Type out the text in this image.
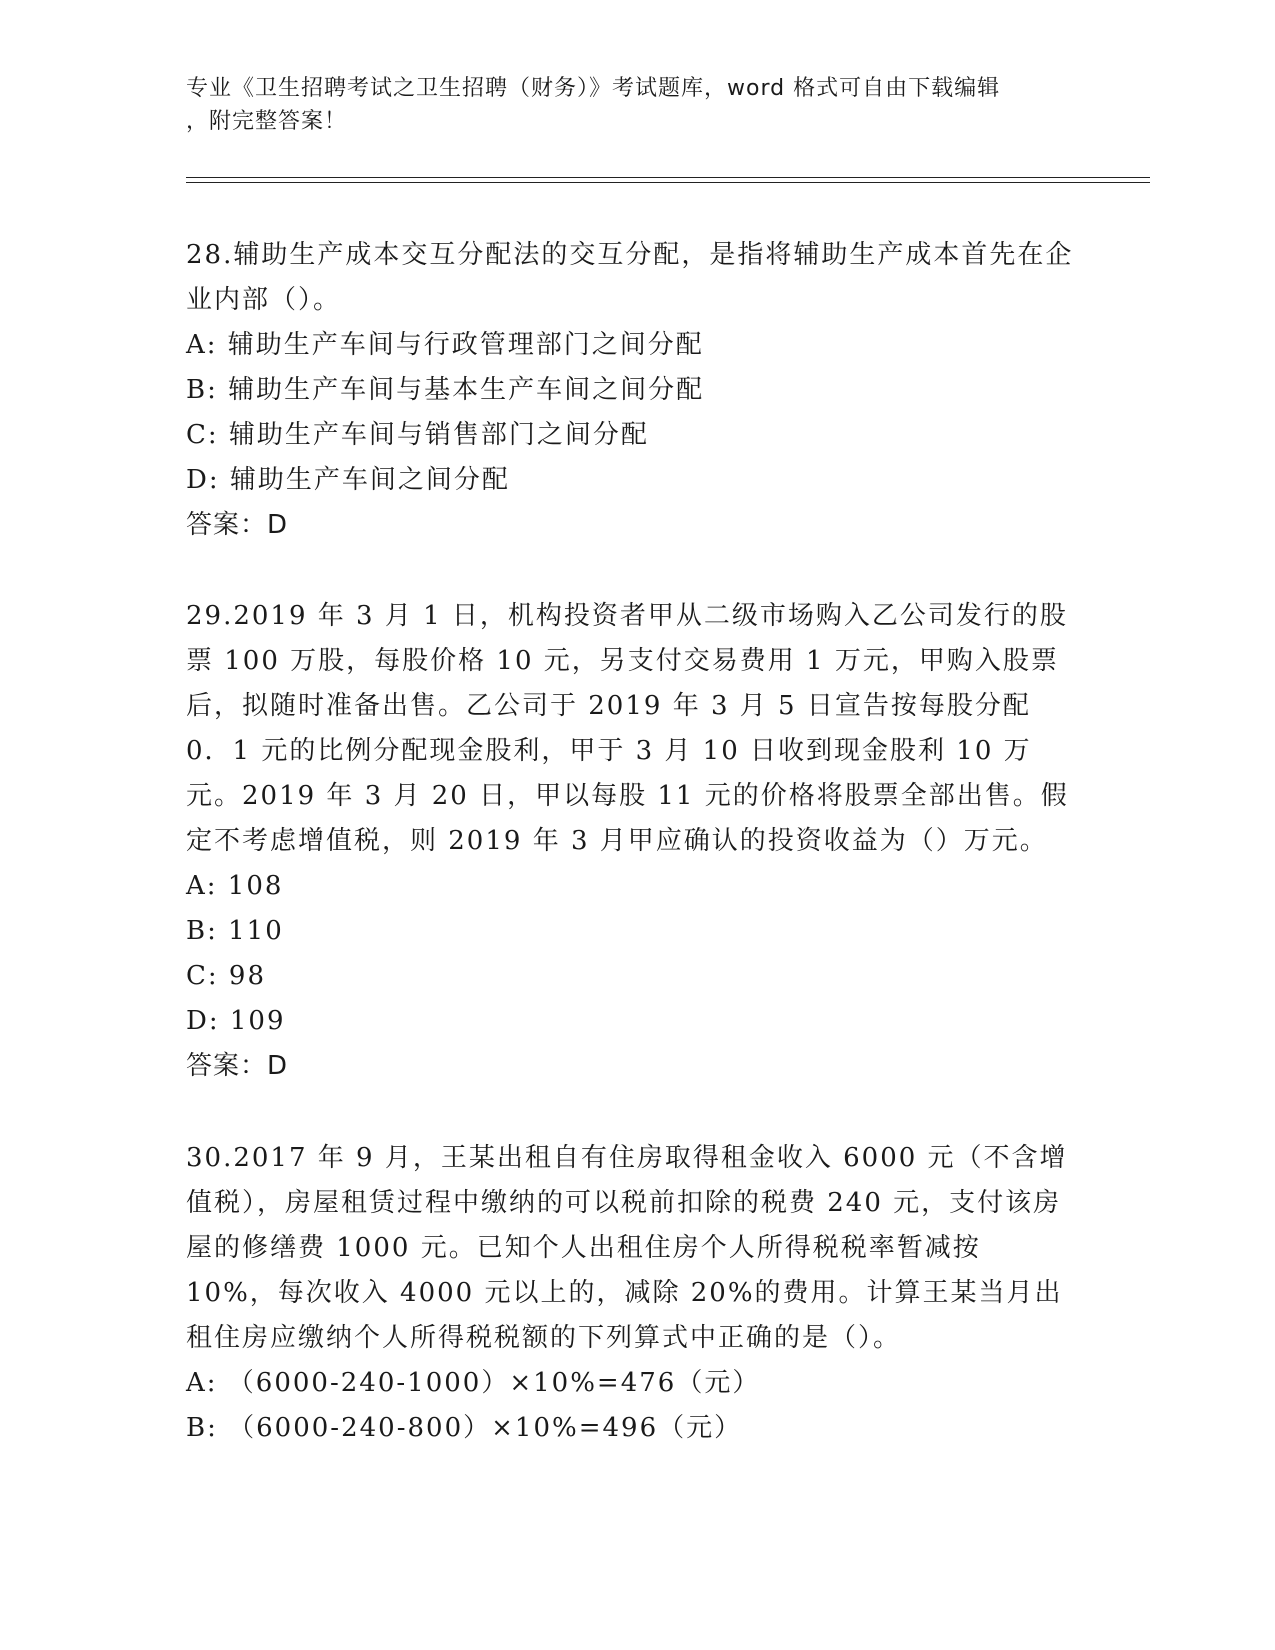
专业《卫生招聘考试之卫生招聘（财务）》考试题库，word 格式可自由下载编辑
，附完整答案！
28.辅助生产成本交互分配法的交互分配，是指将辅助生产成本首先在企业内部（）。
A: 辅助生产车间与行政管理部门之间分配
B: 辅助生产车间与基本生产车间之间分配
C: 辅助生产车间与销售部门之间分配
D: 辅助生产车间之间分配
答案：D
29.2019 年 3 月 1 日，机构投资者甲从二级市场购入乙公司发行的股票 100 万股，每股价格 10 元，另支付交易费用 1 万元，甲购入股票后，拟随时准备出售。乙公司于 2019 年 3 月 5 日宣告按每股分配 0．1 元的比例分配现金股利，甲于 3 月 10 日收到现金股利 10 万元。2019 年 3 月 20 日，甲以每股 11 元的价格将股票全部出售。假定不考虑增值税，则 2019 年 3 月甲应确认的投资收益为（）万元。
A: 108
B: 110
C: 98
D: 109
答案：D
30.2017 年 9 月，王某出租自有住房取得租金收入 6000 元（不含增值税），房屋租赁过程中缴纳的可以税前扣除的税费 240 元，支付该房屋的修缮费 1000 元。已知个人出租住房个人所得税税率暂减按 10%，每次收入 4000 元以上的，减除 20%的费用。计算王某当月出租住房应缴纳个人所得税税额的下列算式中正确的是（）。
A: （6000-240-1000）×10%=476（元）
B: （6000-240-800）×10%=496（元）
